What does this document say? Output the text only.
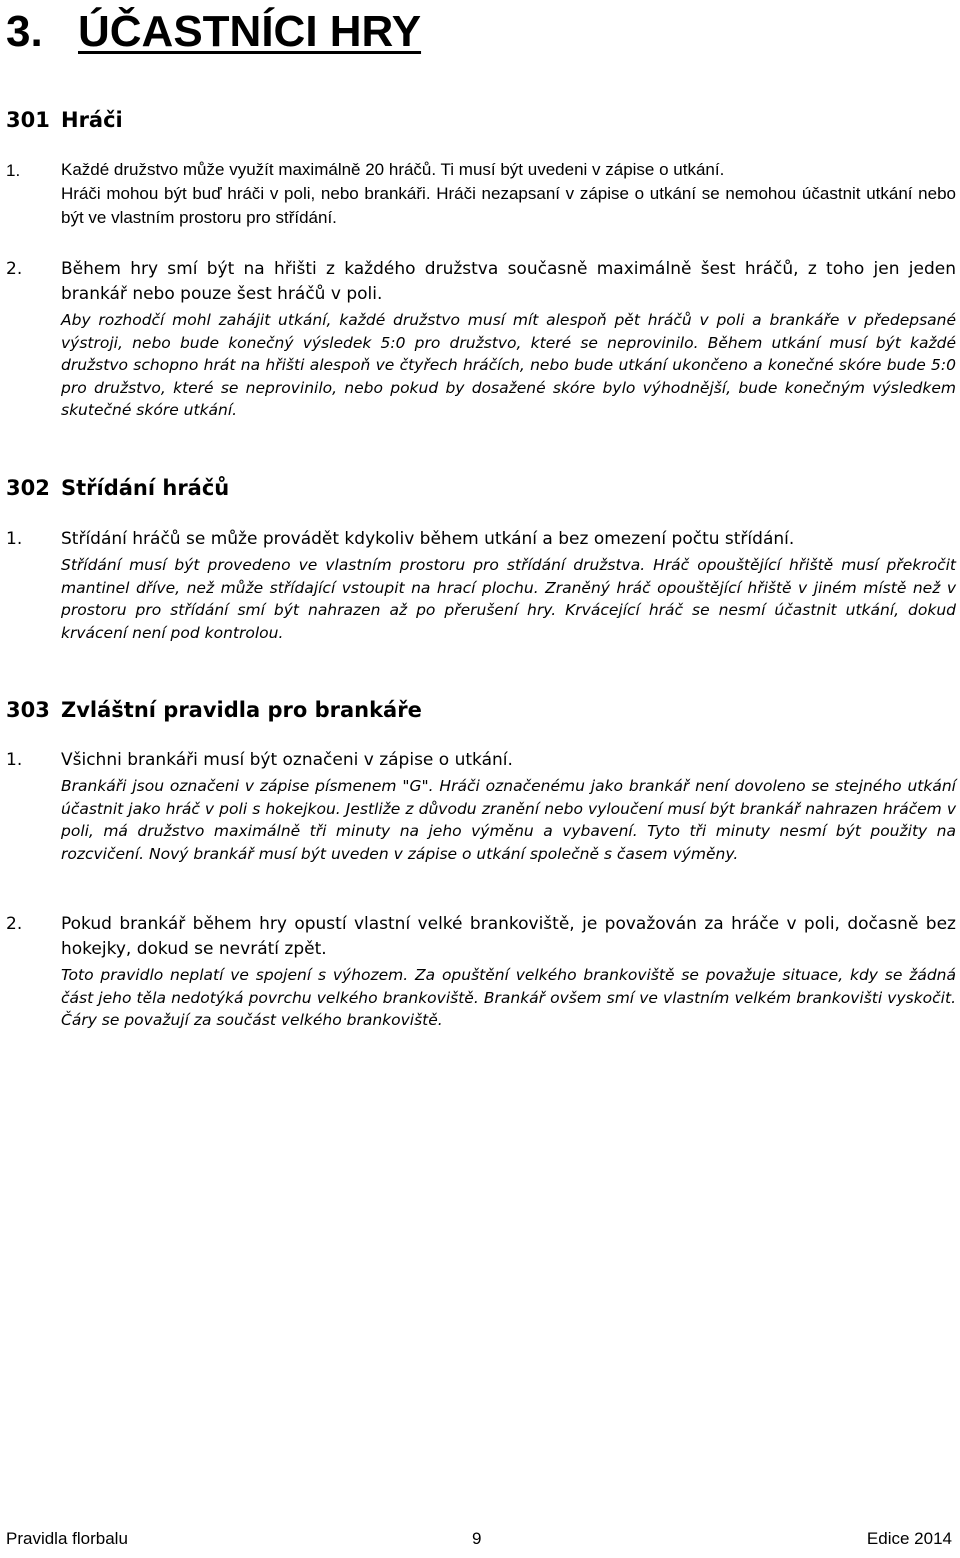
3. ÚČASTNÍCI HRY
301 Hráči
1. Každé družstvo může využít maximálně 20 hráčů. Ti musí být uvedeni v zápise o utkání.
Hráči mohou být buď hráči v poli, nebo brankáři. Hráči nezapsaní v zápise o utkání se nemohou účastnit utkání nebo být ve vlastním prostoru pro střídání.
2. Během hry smí být na hřišti z každého družstva současně maximálně šest hráčů, z toho jen jeden brankář nebo pouze šest hráčů v poli.
Aby rozhodčí mohl zahájit utkání, každé družstvo musí mít alespoň pět hráčů v poli a brankáře v předepsané výstroji, nebo bude konečný výsledek 5:0 pro družstvo, které se neprovinilo. Během utkání musí být každé družstvo schopno hrát na hřišti alespoň ve čtyřech hráčích, nebo bude utkání ukončeno a konečné skóre bude 5:0 pro družstvo, které se neprovinilo, nebo pokud by dosažené skóre bylo výhodnější, bude konečným výsledkem skutečné skóre utkání.
302 Střídání hráčů
1. Střídání hráčů se může provádět kdykoliv během utkání a bez omezení počtu střídání.
Střídání musí být provedeno ve vlastním prostoru pro střídání družstva. Hráč opouštějící hřiště musí překročit mantinel dříve, než může střídající vstoupit na hrací plochu. Zraněný hráč opouštějící hřiště v jiném místě než v prostoru pro střídání smí být nahrazen až po přerušení hry. Krvácející hráč se nesmí účastnit utkání, dokud krvácení není pod kontrolou.
303 Zvláštní pravidla pro brankáře
1. Všichni brankáři musí být označeni v zápise o utkání.
Brankáři jsou označeni v zápise písmenem "G". Hráči označenému jako brankář není dovoleno se stejného utkání účastnit jako hráč v poli s hokejkou. Jestliže z důvodu zranění nebo vyloučení musí být brankář nahrazen hráčem v poli, má družstvo maximálně tři minuty na jeho výměnu a vybavení. Tyto tři minuty nesmí být použity na rozcvičení. Nový brankář musí být uveden v zápise o utkání společně s časem výměny.
2. Pokud brankář během hry opustí vlastní velké brankoviště, je považován za hráče v poli, dočasně bez hokejky, dokud se nevrátí zpět.
Toto pravidlo neplatí ve spojení s výhozem. Za opuštění velkého brankoviště se považuje situace, kdy se žádná část jeho těla nedotýká povrchu velkého brankoviště. Brankář ovšem smí ve vlastním velkém brankovišti vyskočit. Čáry se považují za součást velkého brankoviště.
Pravidla florbalu	9	Edice 2014
